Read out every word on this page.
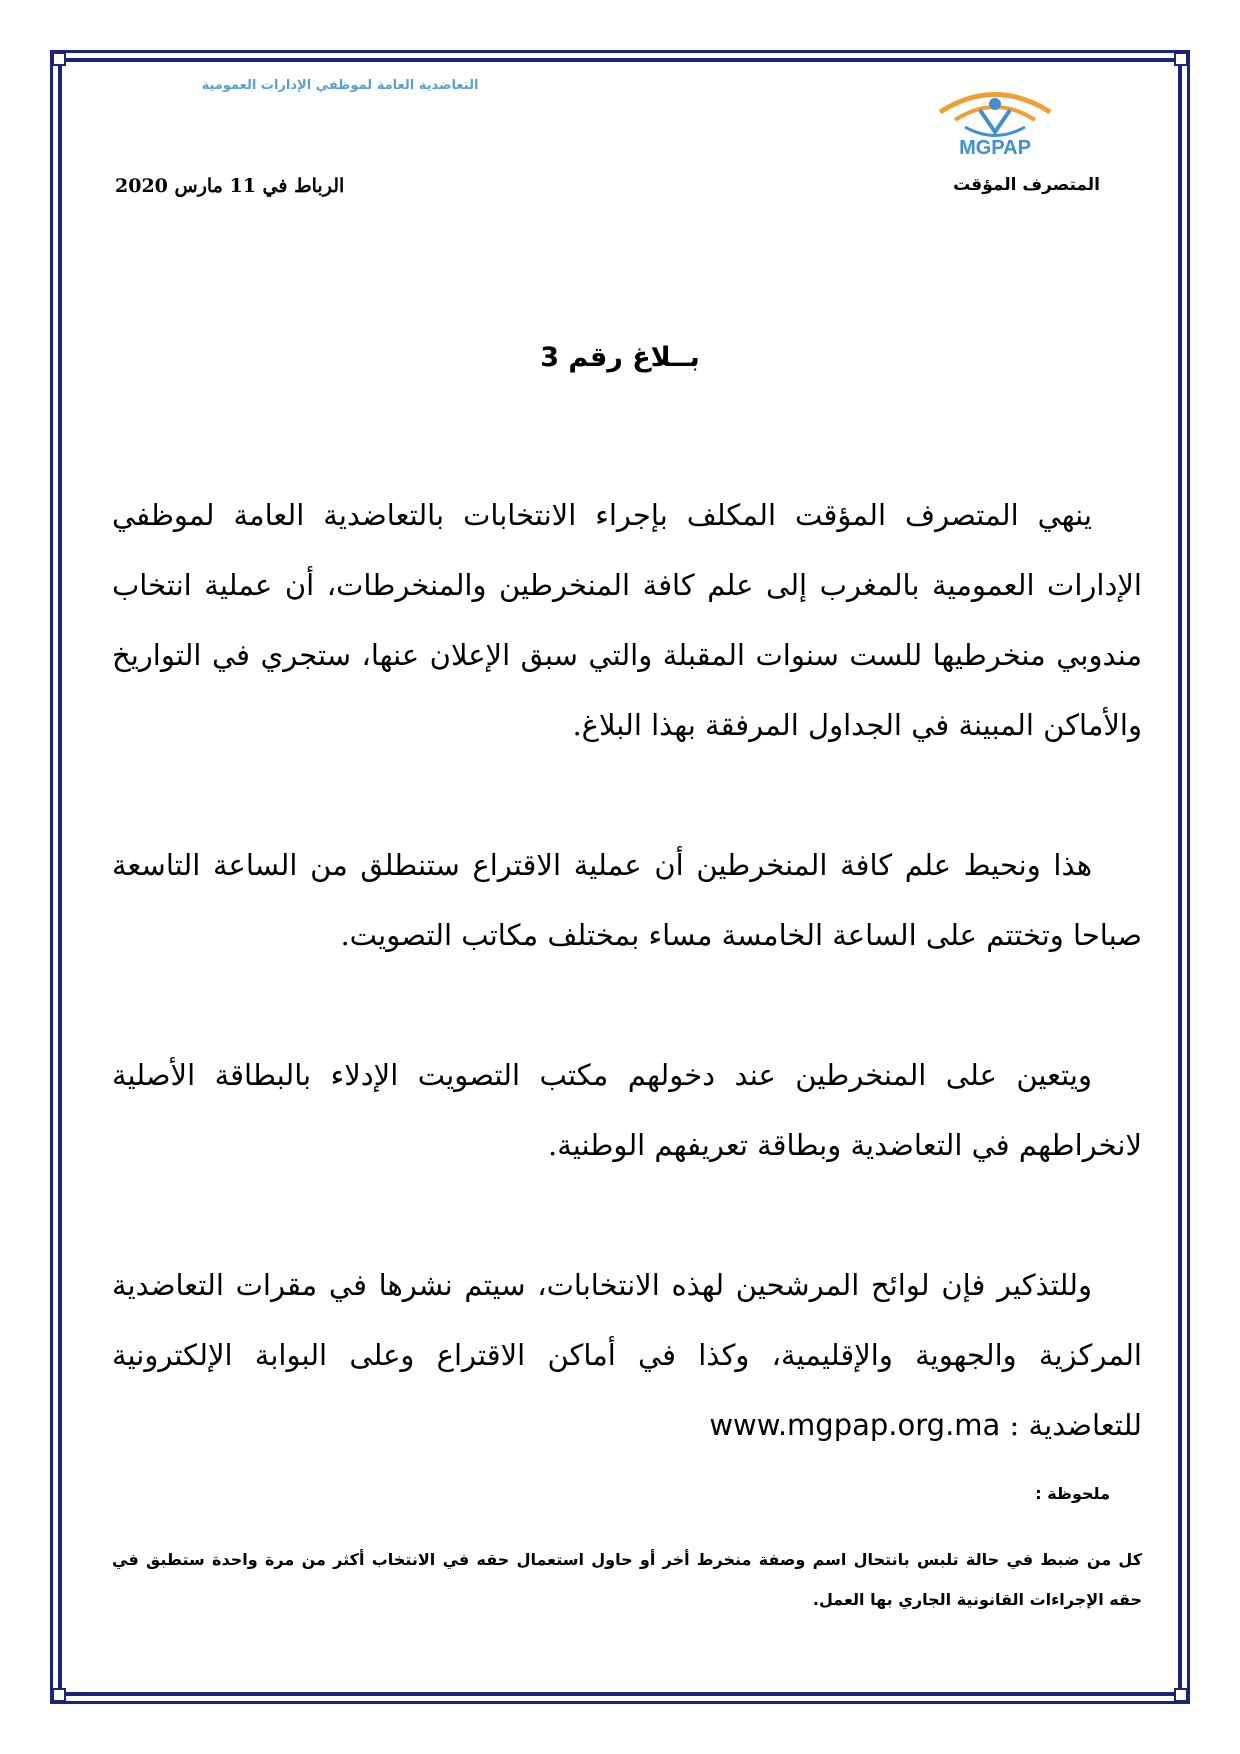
التعاضدية العامة لموظفي الإدارات العمومية
MGPAP
الرباط في 11 مارس 2020	المتصرف المؤقت
بــلاغ رقم 3

ينهي المتصرف المؤقت المكلف بإجراء الانتخابات بالتعاضدية العامة لموظفي الإدارات العمومية بالمغرب إلى علم كافة المنخرطين والمنخرطات، أن عملية انتخاب مندوبي منخرطيها للست سنوات المقبلة والتي سبق الإعلان عنها، ستجري في التواريخ والأماكن المبينة في الجداول المرفقة بهذا البلاغ.

هذا ونحيط علم كافة المنخرطين أن عملية الاقتراع ستنطلق من الساعة التاسعة صباحا وتختتم على الساعة الخامسة مساء بمختلف مكاتب التصويت.

ويتعين على المنخرطين عند دخولهم مكتب التصويت الإدلاء بالبطاقة الأصلية لانخراطهم في التعاضدية وبطاقة تعريفهم الوطنية.

وللتذكير فإن لوائح المرشحين لهذه الانتخابات، سيتم نشرها في مقرات التعاضدية المركزية والجهوية والإقليمية، وكذا في أماكن الاقتراع وعلى البوابة الإلكترونية للتعاضدية : www.mgpap.org.ma

ملحوظة :
كل من ضبط في حالة تلبس بانتحال اسم وصفة منخرط أخر أو حاول استعمال حقه في الانتخاب أكثر من مرة واحدة ستطبق في حقه الإجراءات القانونية الجاري بها العمل.
